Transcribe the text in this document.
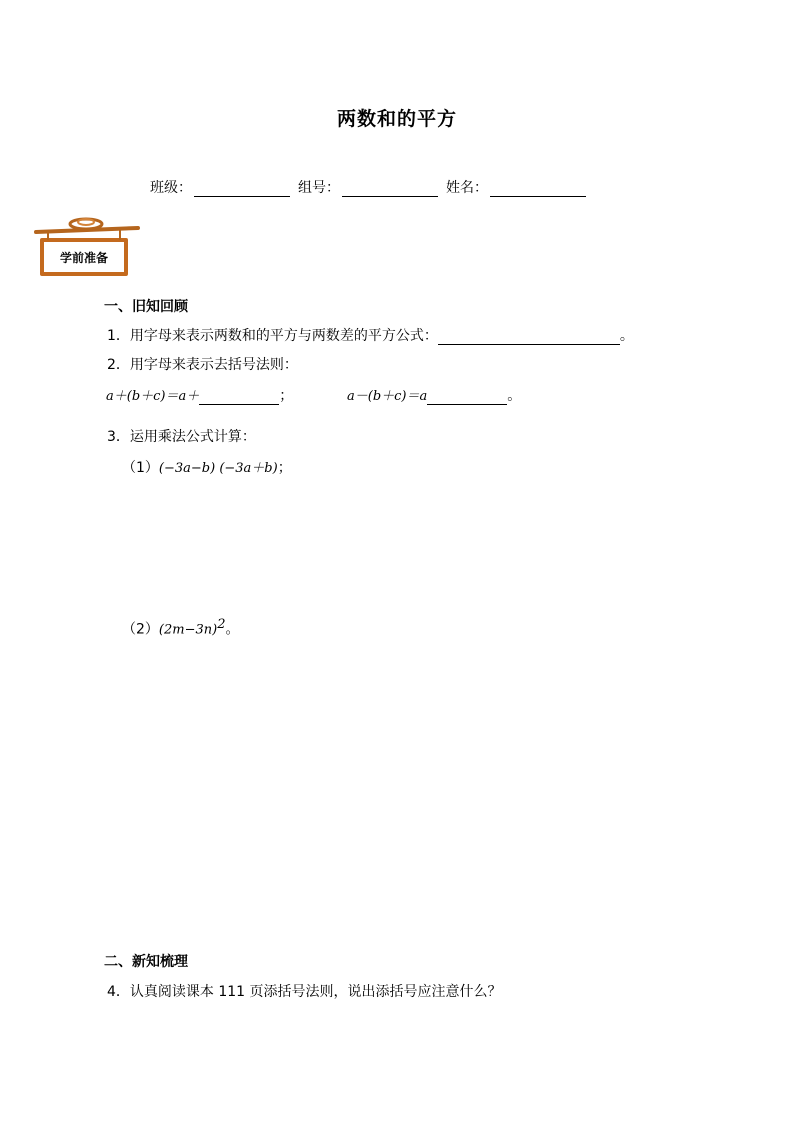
两数和的平方
班级：	组号：	姓名：
学前准备
一、旧知回顾
1．用字母来表示两数和的平方与两数差的平方公式：	。
2．用字母来表示去括号法则：
a＋(b＋c)＝a＋	；	a－(b＋c)＝a	。
3．运用乘法公式计算：
（1）(−3a−b) (−3a＋b)；
$(2)(2m-3n)^2$。
二、新知梳理
4．认真阅读课本 111 页添括号法则，说出添括号应注意什么？
